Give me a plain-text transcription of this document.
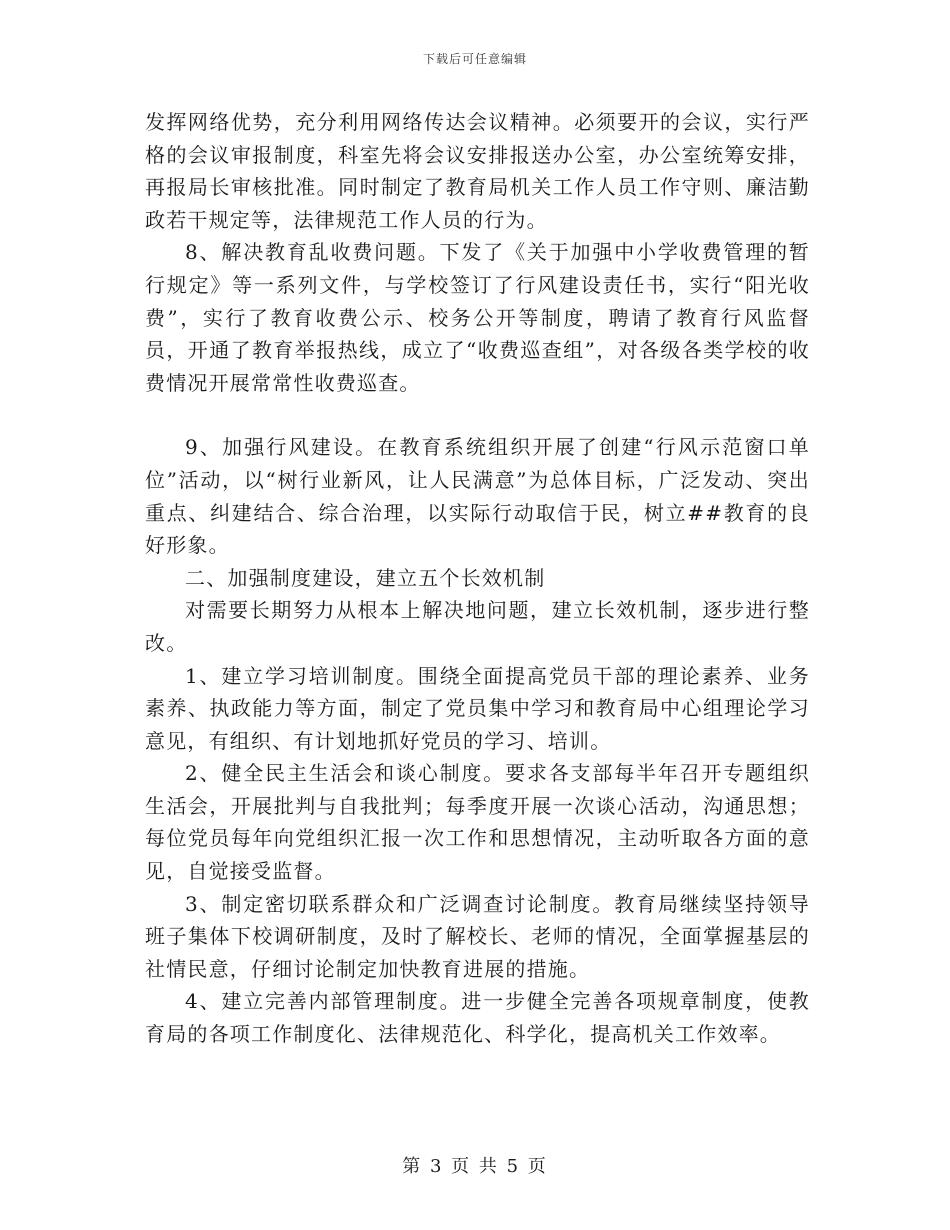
下载后可任意编辑

发挥网络优势，充分利用网络传达会议精神。必须要开的会议，实行严格的会议审报制度，科室先将会议安排报送办公室，办公室统筹安排，再报局长审核批准。同时制定了教育局机关工作人员工作守则、廉洁勤政若干规定等，法律规范工作人员的行为。

8、解决教育乱收费问题。下发了《关于加强中小学收费管理的暂行规定》等一系列文件，与学校签订了行风建设责任书，实行“阳光收费”，实行了教育收费公示、校务公开等制度，聘请了教育行风监督员，开通了教育举报热线，成立了“收费巡查组”，对各级各类学校的收费情况开展常常性收费巡查。

9、加强行风建设。在教育系统组织开展了创建“行风示范窗口单位”活动，以“树行业新风，让人民满意”为总体目标，广泛发动、突出重点、纠建结合、综合治理，以实际行动取信于民，树立##教育的良好形象。

二、加强制度建设，建立五个长效机制

对需要长期努力从根本上解决地问题，建立长效机制，逐步进行整改。

1、建立学习培训制度。围绕全面提高党员干部的理论素养、业务素养、执政能力等方面，制定了党员集中学习和教育局中心组理论学习意见，有组织、有计划地抓好党员的学习、培训。

2、健全民主生活会和谈心制度。要求各支部每半年召开专题组织生活会，开展批判与自我批判；每季度开展一次谈心活动，沟通思想；每位党员每年向党组织汇报一次工作和思想情况，主动听取各方面的意见，自觉接受监督。

3、制定密切联系群众和广泛调查讨论制度。教育局继续坚持领导班子集体下校调研制度，及时了解校长、老师的情况，全面掌握基层的社情民意，仔细讨论制定加快教育进展的措施。

4、建立完善内部管理制度。进一步健全完善各项规章制度，使教育局的各项工作制度化、法律规范化、科学化，提高机关工作效率。

第 3 页 共 5 页
